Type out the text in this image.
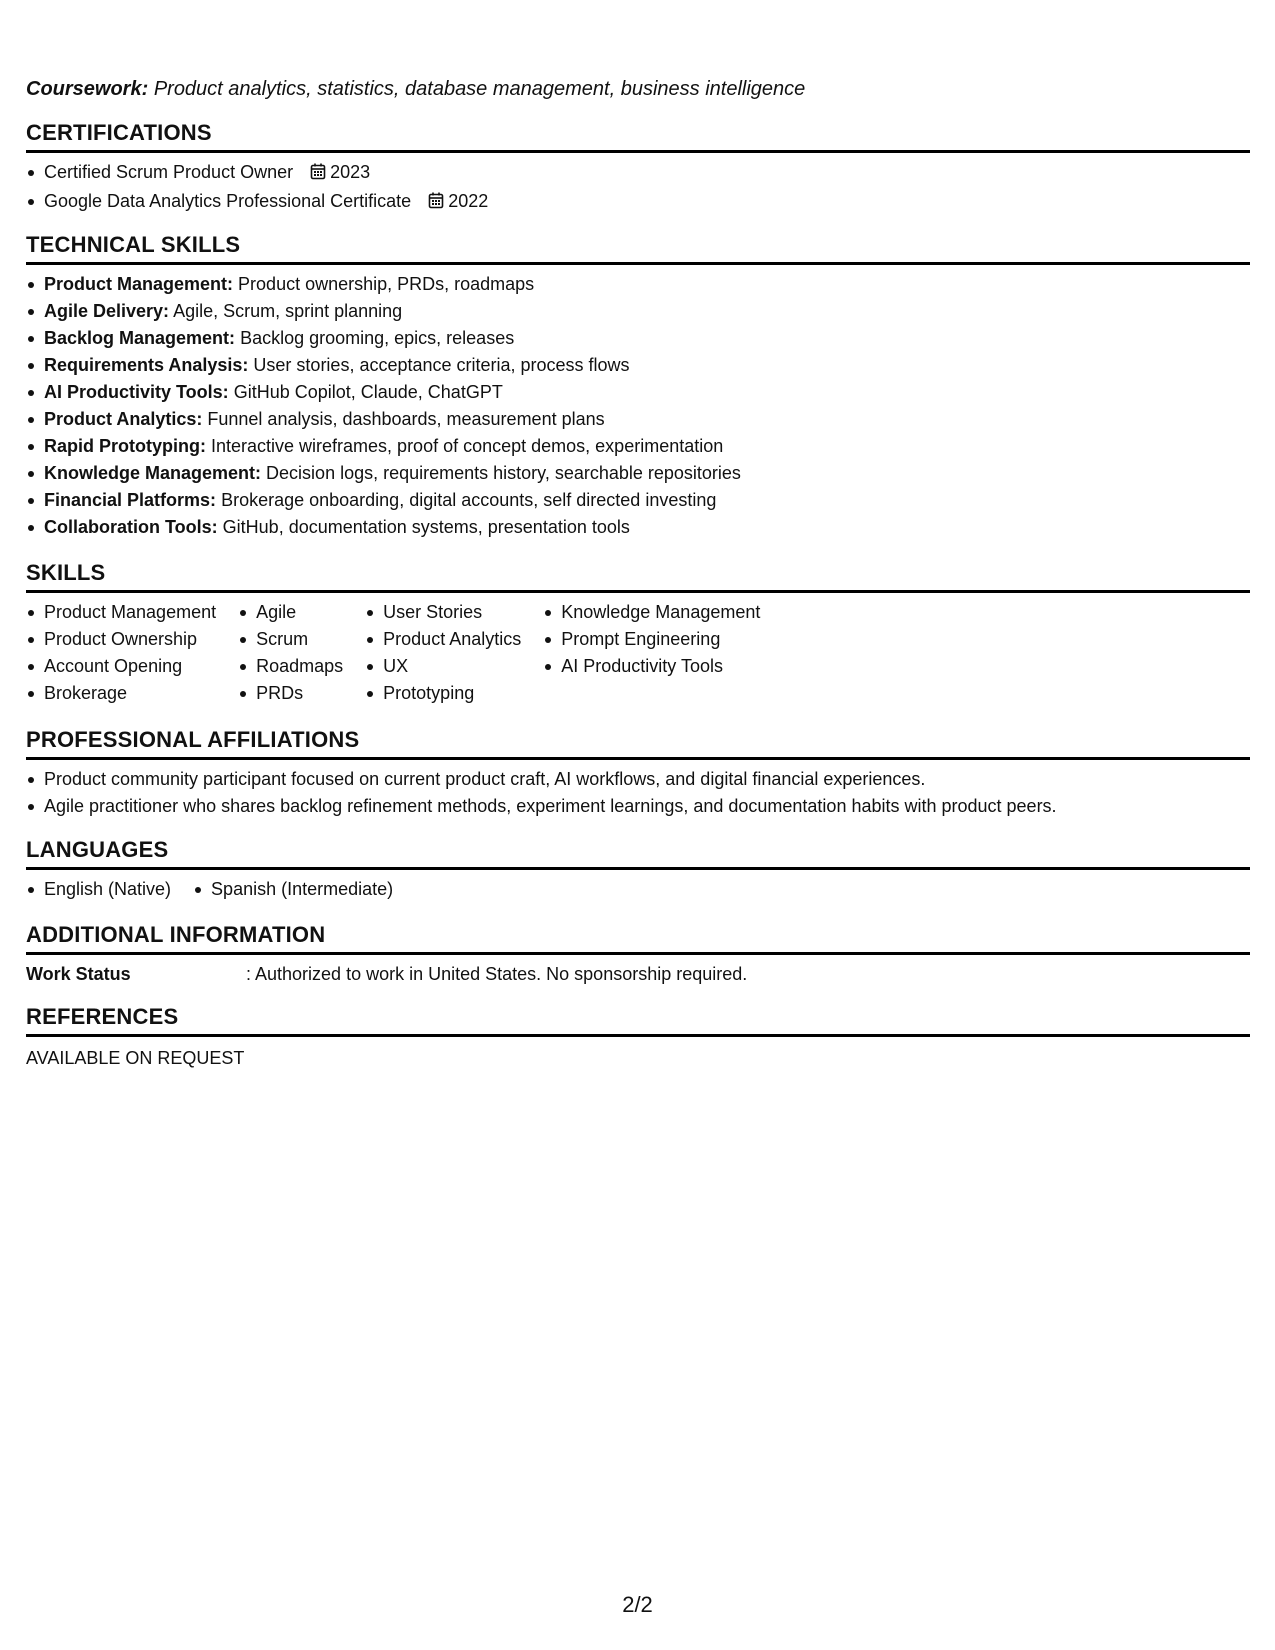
Coursework: Product analytics, statistics, database management, business intelligence
CERTIFICATIONS
Certified Scrum Product Owner 2023
Google Data Analytics Professional Certificate 2022
TECHNICAL SKILLS
Product Management: Product ownership, PRDs, roadmaps
Agile Delivery: Agile, Scrum, sprint planning
Backlog Management: Backlog grooming, epics, releases
Requirements Analysis: User stories, acceptance criteria, process flows
AI Productivity Tools: GitHub Copilot, Claude, ChatGPT
Product Analytics: Funnel analysis, dashboards, measurement plans
Rapid Prototyping: Interactive wireframes, proof of concept demos, experimentation
Knowledge Management: Decision logs, requirements history, searchable repositories
Financial Platforms: Brokerage onboarding, digital accounts, self directed investing
Collaboration Tools: GitHub, documentation systems, presentation tools
SKILLS
Product Management
Product Ownership
Account Opening
Brokerage
Agile
Scrum
Roadmaps
PRDs
User Stories
Product Analytics
UX
Prototyping
Knowledge Management
Prompt Engineering
AI Productivity Tools
PROFESSIONAL AFFILIATIONS
Product community participant focused on current product craft, AI workflows, and digital financial experiences.
Agile practitioner who shares backlog refinement methods, experiment learnings, and documentation habits with product peers.
LANGUAGES
English (Native)	Spanish (Intermediate)
ADDITIONAL INFORMATION
Work Status	: Authorized to work in United States. No sponsorship required.
REFERENCES
AVAILABLE ON REQUEST
2/2
